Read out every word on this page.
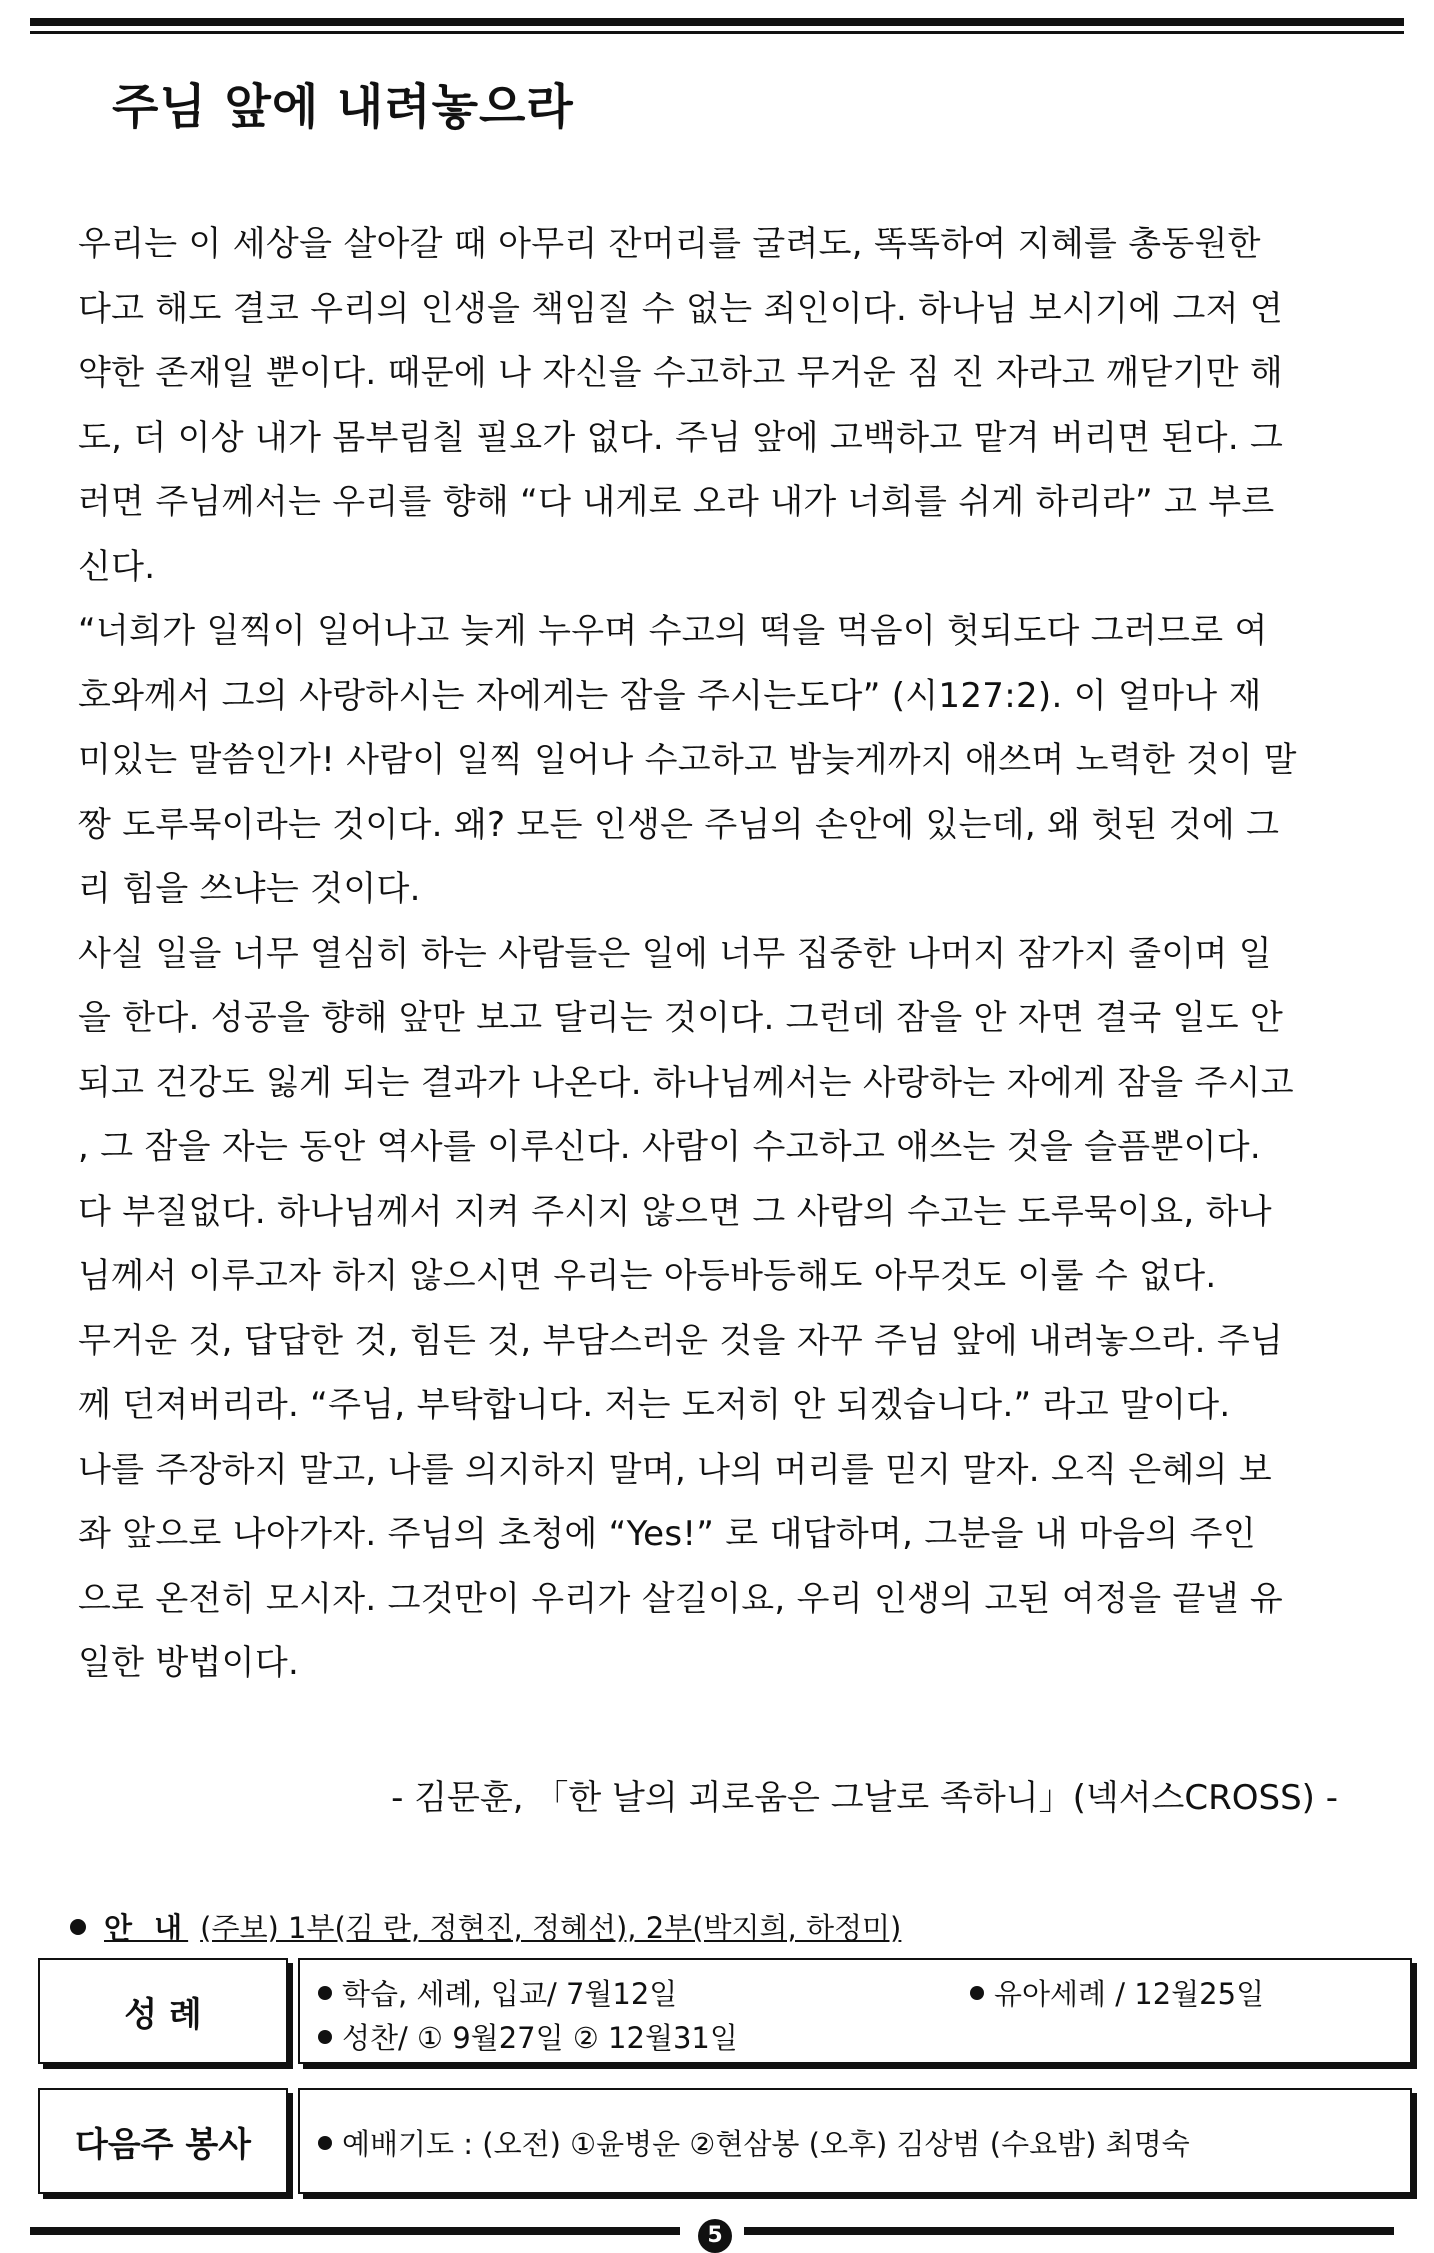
주님 앞에 내려놓으라
우리는 이 세상을 살아갈 때 아무리 잔머리를 굴려도, 똑똑하여 지혜를 총동원한
다고 해도 결코 우리의 인생을 책임질 수 없는 죄인이다. 하나님 보시기에 그저 연
약한 존재일 뿐이다. 때문에 나 자신을 수고하고 무거운 짐 진 자라고 깨닫기만 해
도, 더 이상 내가 몸부림칠 필요가 없다. 주님 앞에 고백하고 맡겨 버리면 된다. 그
러면 주님께서는 우리를 향해 “다 내게로 오라 내가 너희를 쉬게 하리라” 고 부르
신다.
“너희가 일찍이 일어나고 늦게 누우며 수고의 떡을 먹음이 헛되도다 그러므로 여
호와께서 그의 사랑하시는 자에게는 잠을 주시는도다” (시127:2). 이 얼마나 재
미있는 말씀인가! 사람이 일찍 일어나 수고하고 밤늦게까지 애쓰며 노력한 것이 말
짱 도루묵이라는 것이다. 왜? 모든 인생은 주님의 손안에 있는데, 왜 헛된 것에 그
리 힘을 쓰냐는 것이다.
사실 일을 너무 열심히 하는 사람들은 일에 너무 집중한 나머지 잠가지 줄이며 일
을 한다. 성공을 향해 앞만 보고 달리는 것이다. 그런데 잠을 안 자면 결국 일도 안
되고 건강도 잃게 되는 결과가 나온다. 하나님께서는 사랑하는 자에게 잠을 주시고
, 그 잠을 자는 동안 역사를 이루신다. 사람이 수고하고 애쓰는 것을 슬픔뿐이다.
다 부질없다. 하나님께서 지켜 주시지 않으면 그 사람의 수고는 도루묵이요, 하나
님께서 이루고자 하지 않으시면 우리는 아등바등해도 아무것도 이룰 수 없다.
무거운 것, 답답한 것, 힘든 것, 부담스러운 것을 자꾸 주님 앞에 내려놓으라. 주님
께 던져버리라. “주님, 부탁합니다. 저는 도저히 안 되겠습니다.” 라고 말이다.
나를 주장하지 말고, 나를 의지하지 말며, 나의 머리를 믿지 말자. 오직 은혜의 보
좌 앞으로 나아가자. 주님의 초청에 “Yes!” 로 대답하며, 그분을 내 마음의 주인
으로 온전히 모시자. 그것만이 우리가 살길이요, 우리 인생의 고된 여정을 끝낼 유
일한 방법이다.
- 김문훈, 「한 날의 괴로움은 그날로 족하니」(넥서스CROSS) -
안 내 (주보) 1부(김 란, 정현진, 정혜선), 2부(박지희, 하정미)
성 례
학습, 세례, 입교/ 7월12일	유아세례 / 12월25일
성찬/ ① 9월27일 ② 12월31일
다음주 봉사	예배기도 : (오전) ①윤병운 ②현삼봉 (오후) 김상범 (수요밤) 최명숙
5
